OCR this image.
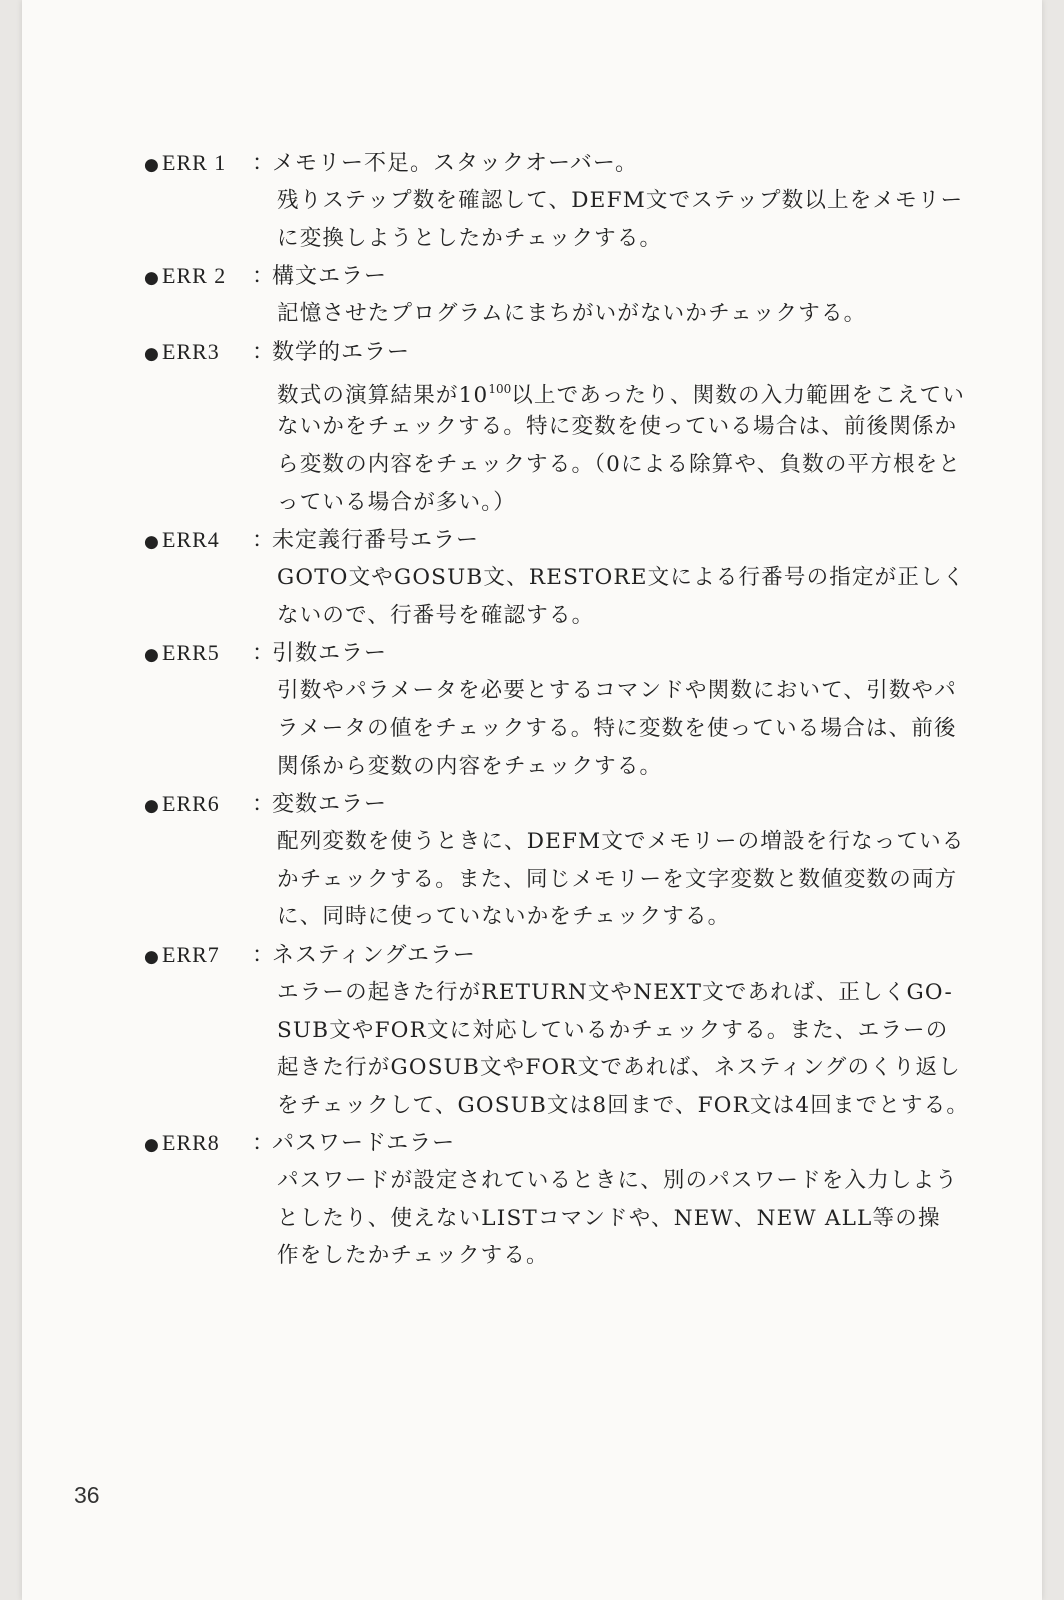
● ERR 1	：
メモリー不足。スタックオーバー。
残りステップ数を確認して、DEFM文でステップ数以上をメモリー
に変換しようとしたかチェックする。
● ERR 2	：
構文エラー
記憶させたプログラムにまちがいがないかチェックする。
● ERR3	：
数学的エラー
数式の演算結果が$10^{100}$以上であったり、関数の入力範囲をこえてい
ないかをチェックする。特に変数を使っている場合は、前後関係か
ら変数の内容をチェックする。（0による除算や、負数の平方根をと
っている場合が多い。）
● ERR4	：
未定義行番号エラー
GOTO文やGOSUB文、RESTORE文による行番号の指定が正しく
ないので、行番号を確認する。
● ERR5	：
引数エラー
引数やパラメータを必要とするコマンドや関数において、引数やパ
ラメータの値をチェックする。特に変数を使っている場合は、前後
関係から変数の内容をチェックする。
● ERR6	：
変数エラー
配列変数を使うときに、DEFM文でメモリーの増設を行なっている
かチェックする。また、同じメモリーを文字変数と数値変数の両方
に、同時に使っていないかをチェックする。
● ERR7	：
ネスティングエラー
エラーの起きた行がRETURN文やNEXT文であれば、正しくGO-
SUB文やFOR文に対応しているかチェックする。また、エラーの
起きた行がGOSUB文やFOR文であれば、ネスティングのくり返し
をチェックして、GOSUB文は8回まで、FOR文は4回までとする。
● ERR8	：
パスワードエラー
パスワードが設定されているときに、別のパスワードを入力しよう
としたり、使えないLISTコマンドや、NEW、NEW ALL等の操
作をしたかチェックする。
36
